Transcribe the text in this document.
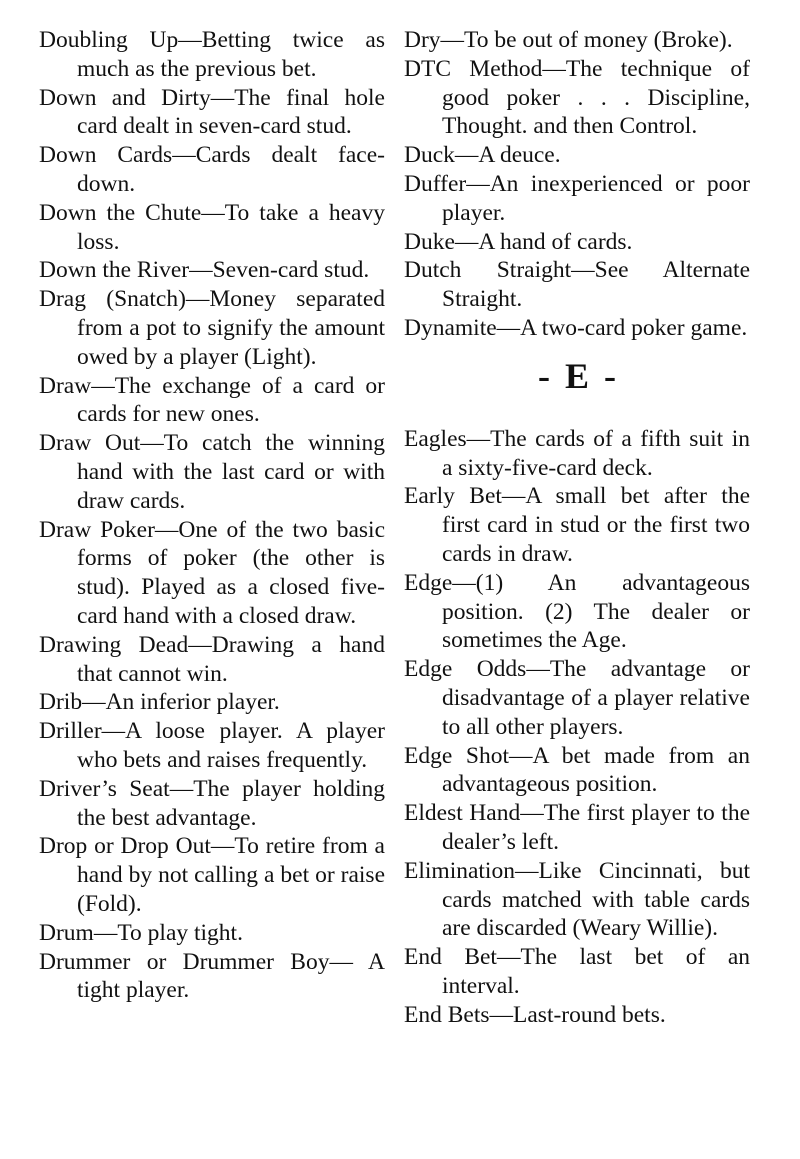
Doubling Up—Betting twice as much as the previous bet.

Down and Dirty—The final hole card dealt in seven-card stud.

Down Cards—Cards dealt face-down.

Down the Chute—To take a heavy loss.

Down the River—Seven-card stud.

Drag (Snatch)—Money separated from a pot to signify the amount owed by a player (Light).

Draw—The exchange of a card or cards for new ones.

Draw Out—To catch the winning hand with the last card or with draw cards.

Draw Poker—One of the two basic forms of poker (the other is stud). Played as a closed five-card hand with a closed draw.

Drawing Dead—Drawing a hand that cannot win.

Drib—An inferior player.

Driller—A loose player. A player who bets and raises frequently.

Driver’s Seat—The player holding the best advantage.

Drop or Drop Out—To retire from a hand by not calling a bet or raise (Fold).

Drum—To play tight.

Drummer or Drummer Boy— A tight player.

Dry—To be out of money (Broke).

DTC Method—The technique of good poker . . . Discipline, Thought. and then Control.

Duck—A deuce.

Duffer—An inexperienced or poor player.

Duke—A hand of cards.

Dutch Straight—See Alternate Straight.

Dynamite—A two-card poker game.

- E -

Eagles—The cards of a fifth suit in a sixty-five-card deck.

Early Bet—A small bet after the first card in stud or the first two cards in draw.

Edge—(1) An advantageous position. (2) The dealer or sometimes the Age.

Edge Odds—The advantage or disadvantage of a player relative to all other players.

Edge Shot—A bet made from an advantageous position.

Eldest Hand—The first player to the dealer’s left.

Elimination—Like Cincinnati, but cards matched with table cards are discarded (Weary Willie).

End Bet—The last bet of an interval.

End Bets—Last-round bets.
